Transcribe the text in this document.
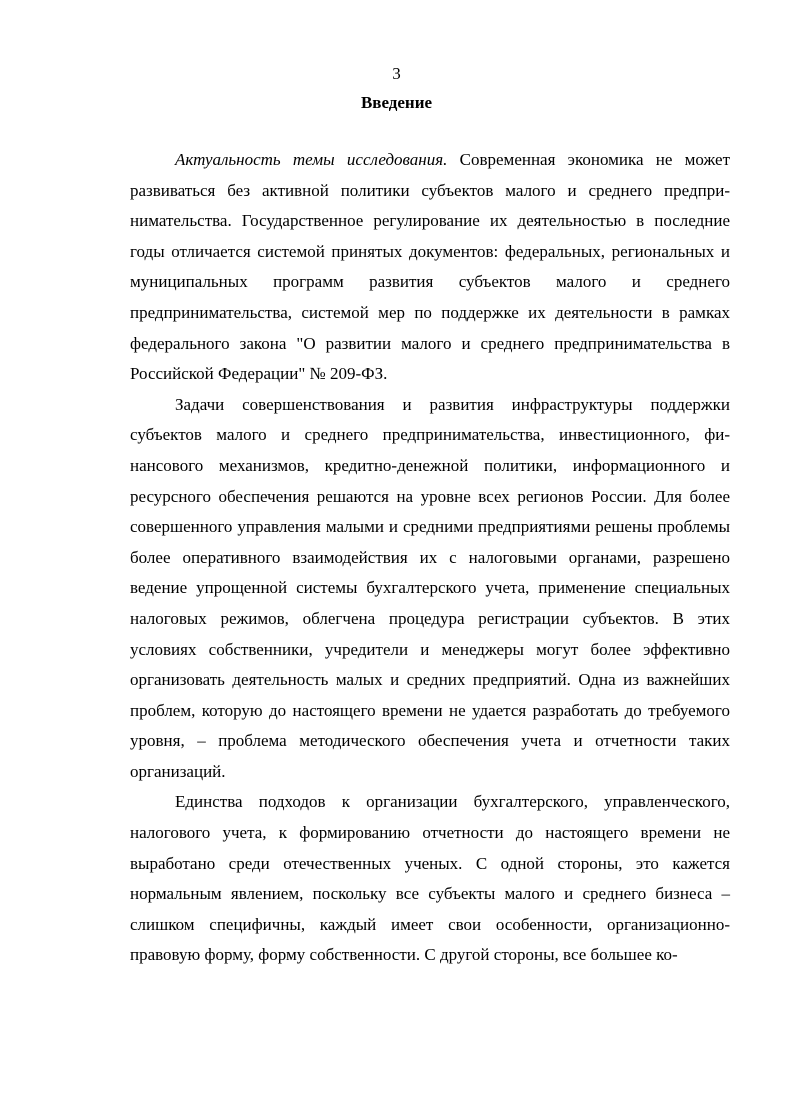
3
Введение

Актуальность темы исследования. Современная экономика не может развиваться без активной политики субъектов малого и среднего предпринимательства. Государственное регулирование их деятельностью в последние годы отличается системой принятых документов: федеральных, региональных и муниципальных программ развития субъектов малого и среднего предпринимательства, системой мер по поддержке их деятельности в рамках федерального закона "О развитии малого и среднего предпринимательства в Российской Федерации" № 209-ФЗ.

Задачи совершенствования и развития инфраструктуры поддержки субъектов малого и среднего предпринимательства, инвестиционного, финансового механизмов, кредитно-денежной политики, информационного и ресурсного обеспечения решаются на уровне всех регионов России. Для более совершенного управления малыми и средними предприятиями решены проблемы более оперативного взаимодействия их с налоговыми органами, разрешено ведение упрощенной системы бухгалтерского учета, применение специальных налоговых режимов, облегчена процедура регистрации субъектов. В этих условиях собственники, учредители и менеджеры могут более эффективно организовать деятельность малых и средних предприятий. Одна из важнейших проблем, которую до настоящего времени не удается разработать до требуемого уровня, – проблема методического обеспечения учета и отчетности таких организаций.

Единства подходов к организации бухгалтерского, управленческого, налогового учета, к формированию отчетности до настоящего времени не выработано среди отечественных ученых. С одной стороны, это кажется нормальным явлением, поскольку все субъекты малого и среднего бизнеса – слишком специфичны, каждый имеет свои особенности, организационно-правовую форму, форму собственности. С другой стороны, все большее ко-
